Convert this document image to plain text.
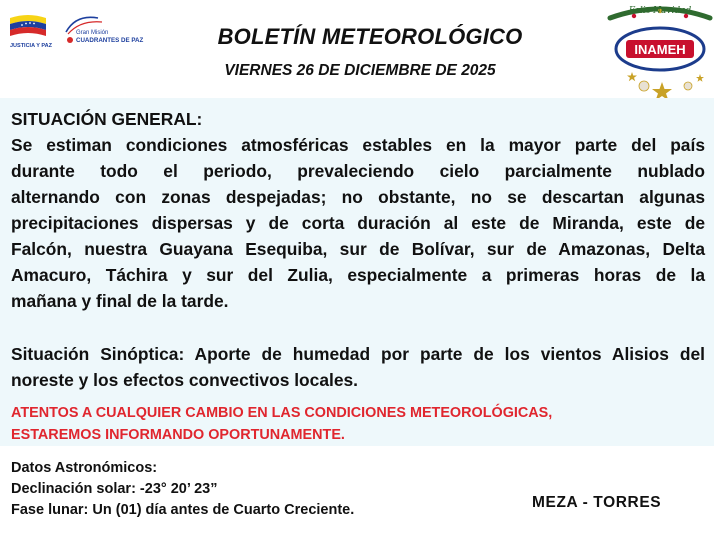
JUSTICIA Y PAZ
Gran Misión
CUADRANTES DE PAZ	BOLETÍN METEOROLÓGICO
VIERNES 26 DE DICIEMBRE DE 2025
Feliz Navidad
INAMEH
SITUACIÓN GENERAL:
Se estiman condiciones atmosféricas estables en la mayor parte del país
durante todo el periodo, prevaleciendo cielo parcialmente nublado
alternando con zonas despejadas; no obstante, no se descartan algunas
precipitaciones dispersas y de corta duración al este de Miranda, este de
Falcón, nuestra Guayana Esequiba, sur de Bolívar, sur de Amazonas, Delta
Amacuro, Táchira y sur del Zulia, especialmente a primeras horas de la
mañana y final de la tarde.
Situación Sinóptica: Aporte de humedad por parte de los vientos Alisios del
noreste y los efectos convectivos locales.
ATENTOS A CUALQUIER CAMBIO EN LAS CONDICIONES METEOROLÓGICAS,
ESTAREMOS INFORMANDO OPORTUNAMENTE.
Datos Astronómicos:
Declinación solar: -23° 20’ 23”
Fase lunar: Un (01) día antes de Cuarto Creciente.	MEZA - TORRES
